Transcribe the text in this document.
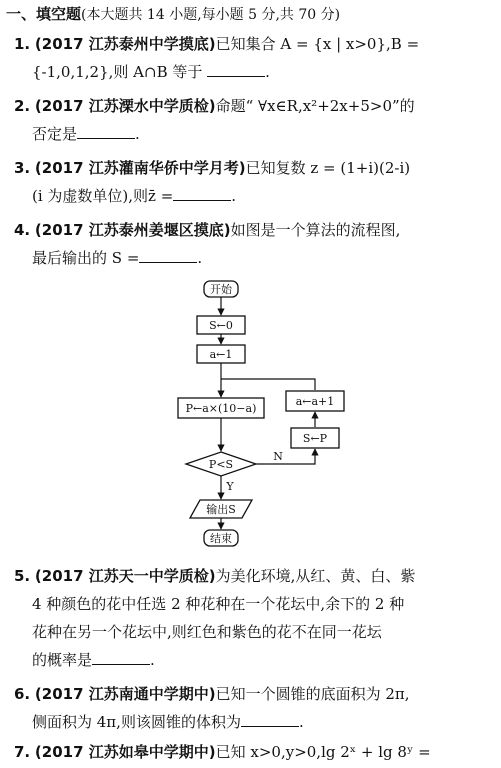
一、填空题(本大题共 14 小题,每小题 5 分,共 70 分)
1. (2017 江苏泰州中学摸底)已知集合 A = {x | x>0},B =
{-1,0,1,2},则 A∩B 等于	.
2. (2017 江苏溧水中学质检)命题“ ∀x∈R,x²+2x+5>0”的
否定是	.
3. (2017 江苏灌南华侨中学月考)已知复数 z = (1+i)(2-i)
(i 为虚数单位),则z̄ =	.
4. (2017 江苏泰州姜堰区摸底)如图是一个算法的流程图,
最后输出的 S =	.
开始
S←0
a←1
P←a×(10−a)
a←a+1
S←P
P<S
N
Y
输出S
结束
5. (2017 江苏天一中学质检)为美化环境,从红、黄、白、紫
4 种颜色的花中任选 2 种花种在一个花坛中,余下的 2 种
花种在另一个花坛中,则红色和紫色的花不在同一花坛
的概率是	.
6. (2017 江苏南通中学期中)已知一个圆锥的底面积为 2π,
侧面积为 4π,则该圆锥的体积为	.
7. (2017 江苏如皋中学期中)已知 x>0,y>0,lg 2ˣ + lg 8ʸ =
